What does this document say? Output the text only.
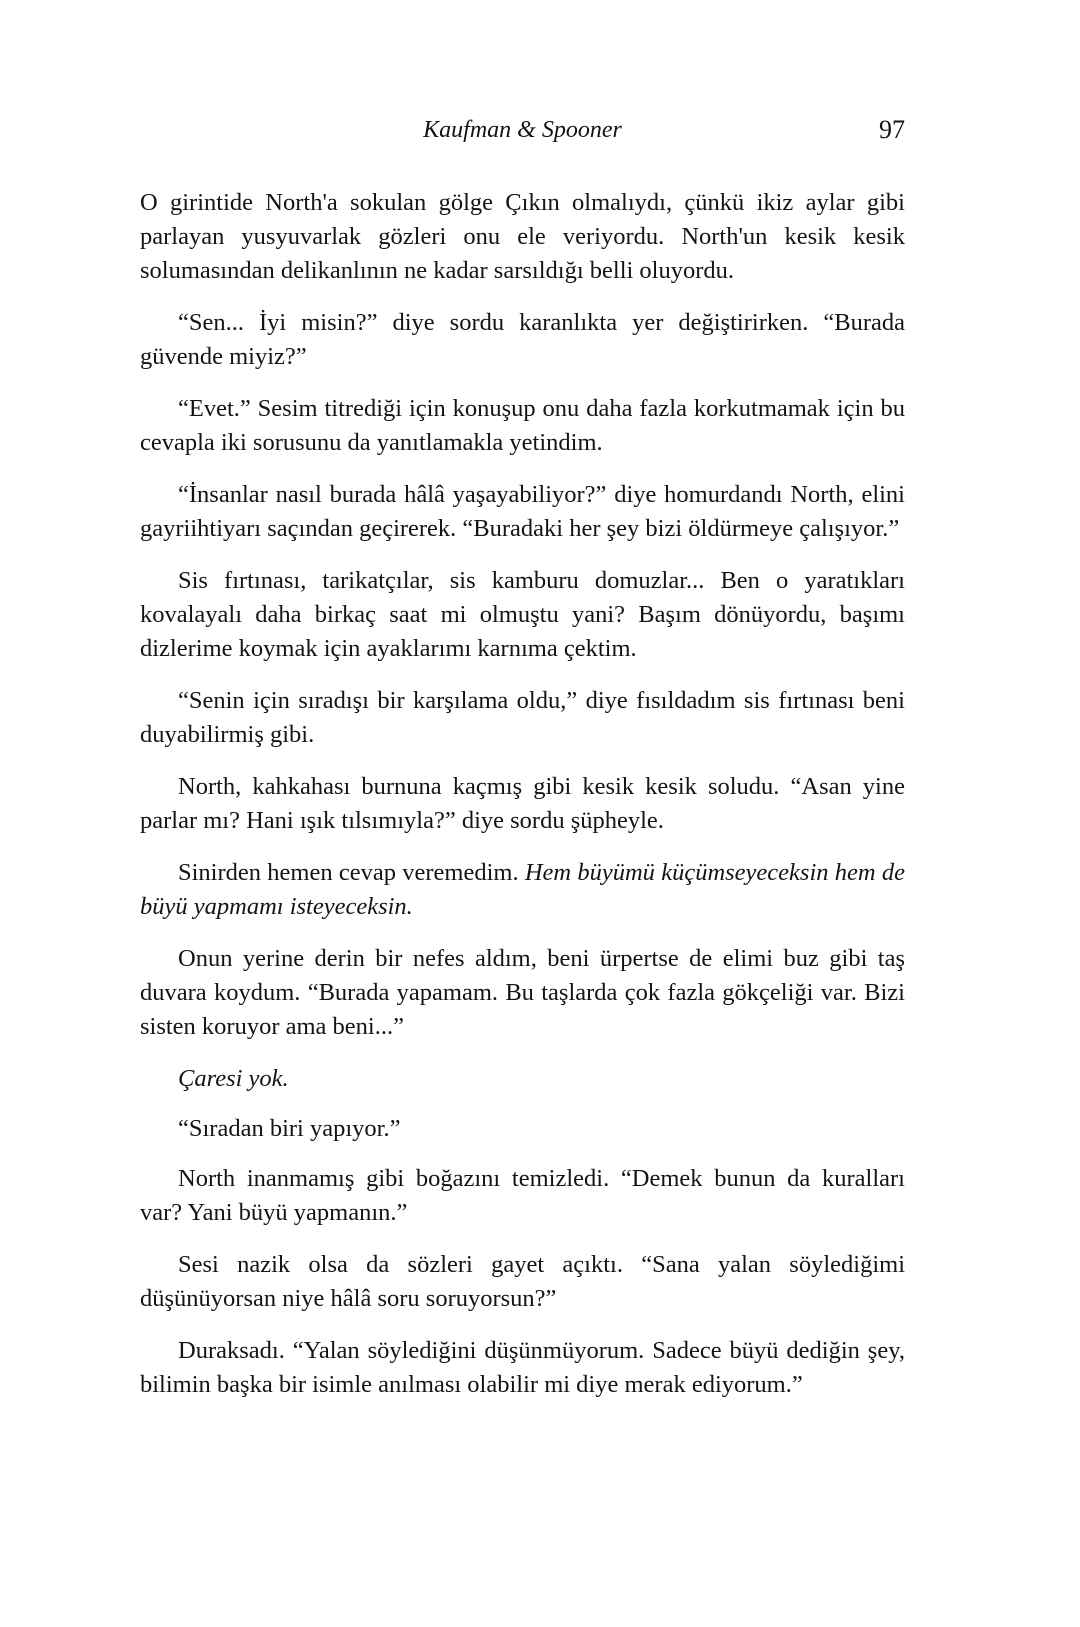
Kaufman & Spooner	97

O girintide North'a sokulan gölge Çıkın olmalıydı, çünkü ikiz aylar gibi parlayan yusyuvarlak gözleri onu ele veriyordu. North'un kesik kesik solumasından delikanlının ne kadar sarsıldığı belli oluyordu.

“Sen... İyi misin?” diye sordu karanlıkta yer değiştirirken. “Burada güvende miyiz?”

“Evet.” Sesim titrediği için konuşup onu daha fazla korkutmamak için bu cevapla iki sorusunu da yanıtlamakla yetindim.

“İnsanlar nasıl burada hâlâ yaşayabiliyor?” diye homurdandı North, elini gayriihtiyarı saçından geçirerek. “Buradaki her şey bizi öldürmeye çalışıyor.”

Sis fırtınası, tarikatçılar, sis kamburu domuzlar... Ben o yaratıkları kovalayalı daha birkaç saat mi olmuştu yani? Başım dönüyordu, başımı dizlerime koymak için ayaklarımı karnıma çektim.

“Senin için sıradışı bir karşılama oldu,” diye fısıldadım sis fırtınası beni duyabilirmiş gibi.

North, kahkahası burnuna kaçmış gibi kesik kesik soludu. “Asan yine parlar mı? Hani ışık tılsımıyla?” diye sordu şüpheyle.

Sinirden hemen cevap veremedim. Hem büyümü küçümseyeceksin hem de büyü yapmamı isteyeceksin.

Onun yerine derin bir nefes aldım, beni ürpertse de elimi buz gibi taş duvara koydum. “Burada yapamam. Bu taşlarda çok fazla gökçeliği var. Bizi sisten koruyor ama beni...”

Çaresi yok.

“Sıradan biri yapıyor.”

North inanmamış gibi boğazını temizledi. “Demek bunun da kuralları var? Yani büyü yapmanın.”

Sesi nazik olsa da sözleri gayet açıktı. “Sana yalan söylediğimi düşünüyorsan niye hâlâ soru soruyorsun?”

Duraksadı. “Yalan söylediğini düşünmüyorum. Sadece büyü dediğin şey, bilimin başka bir isimle anılması olabilir mi diye merak ediyorum.”
